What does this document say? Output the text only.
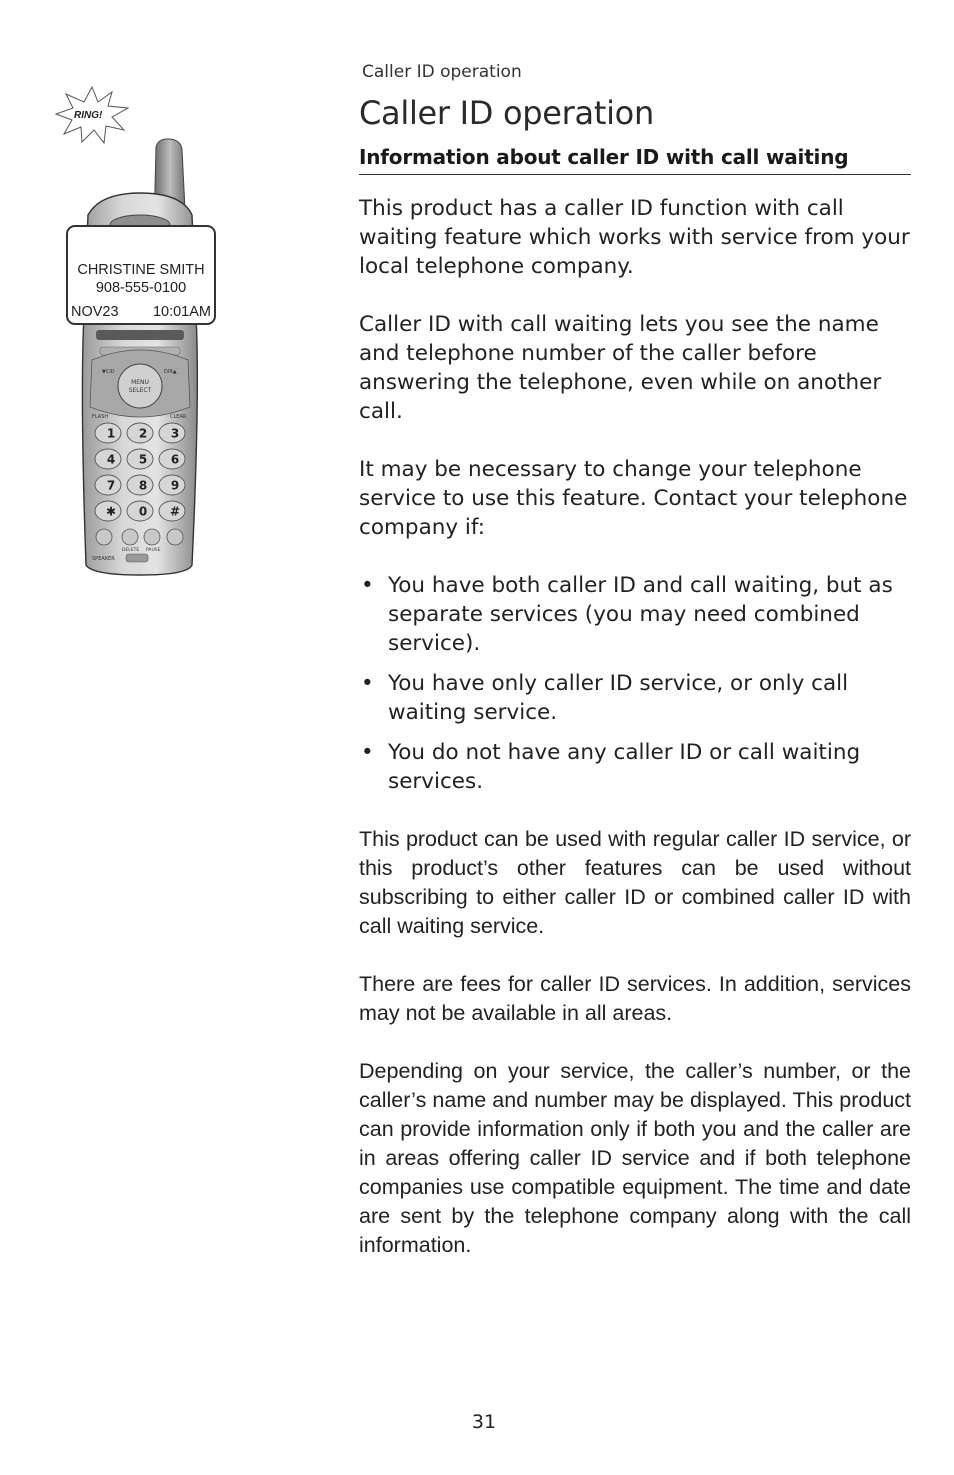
Caller ID operation
Caller ID operation
Information about caller ID with call waiting

This product has a caller ID function with call waiting feature which works with service from your local telephone company.

Caller ID with call waiting lets you see the name and telephone number of the caller before answering the telephone, even while on another call.

It may be necessary to change your telephone service to use this feature. Contact your telephone company if:

• You have both caller ID and call waiting, but as separate services (you may need combined service).
• You have only caller ID service, or only call waiting service.
• You do not have any caller ID or call waiting services.

This product can be used with regular caller ID service, or this product’s other features can be used without subscribing to either caller ID or combined caller ID with call waiting service.

There are fees for caller ID services. In addition, services may not be available in all areas.

Depending on your service, the caller’s number, or the caller’s name and number may be displayed. This product can provide information only if both you and the caller are in areas offering caller ID service and if both telephone companies use compatible equipment. The time and date are sent by the telephone company along with the call information.

RING!
MENU
SELECT
▼CID	DIR▲
FLASH	CLEAR
1 2 3
4 5 6
7 8 9
✱ 0 #
SPEAKER
DELETE PAUSE
CHRISTINE SMITH
908-555-0100
NOV23 10:01AM
31
